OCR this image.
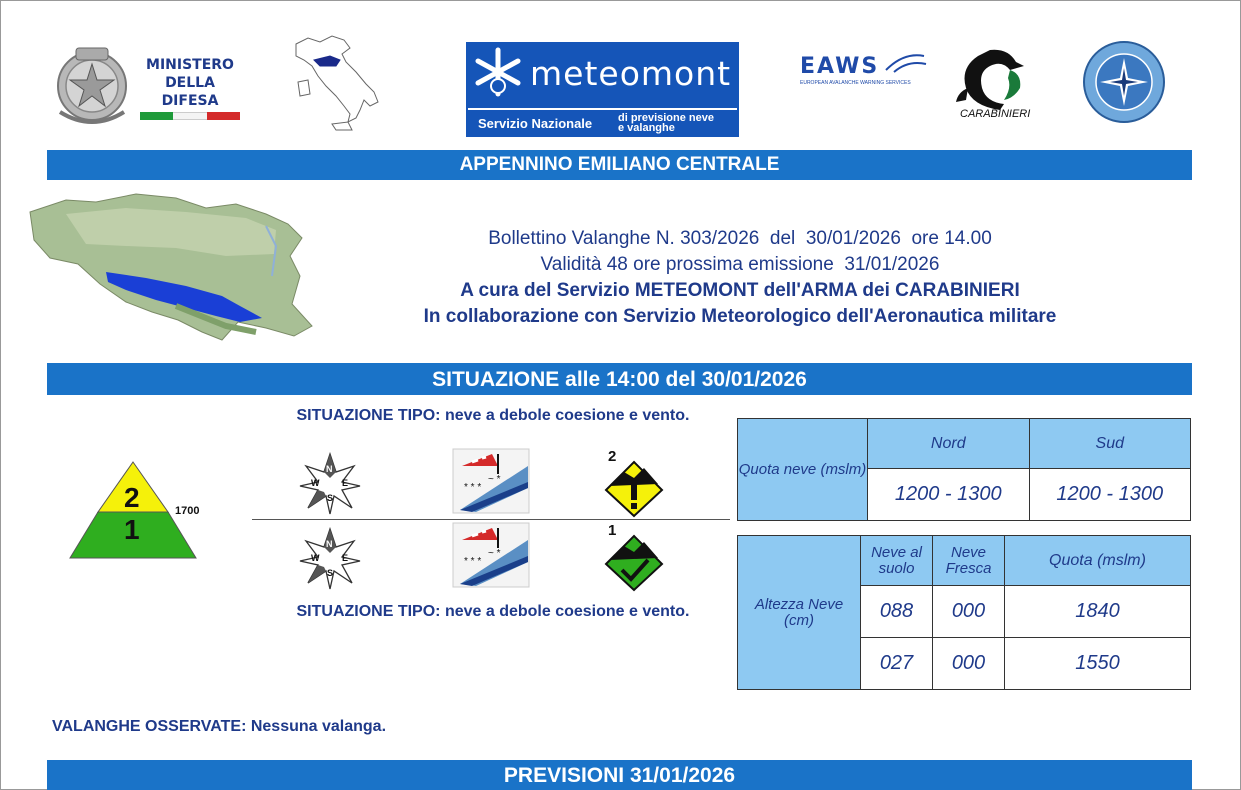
MINISTERO
DELLA DIFESA
meteomont
Servizio Nazionale di previsione neve
e valanghe
EAWS
EUROPEAN AVALANCHE WARNING SERVICES
CARABINIERI
APPENNINO EMILIANO CENTRALE
Bollettino Valanghe N. 303/2026  del  30/01/2026  ore 14.00
Validità 48 ore prossima emissione  31/01/2026
A cura del Servizio METEOMONT dell'ARMA dei CARABINIERI
In collaborazione con Servizio Meteorologico dell'Aeronautica militare
SITUAZIONE alle 14:00 del 30/01/2026
2
1
1700
SITUAZIONE TIPO: neve a debole coesione e vento.
N
E
S
W	* * *
~ *
2
N
E
S
W	* * *
~ *
1
SITUAZIONE TIPO: neve a debole coesione e vento.
Quota neve (mslm)	Nord	Sud
	1200 - 1300	1200 - 1300
Altezza Neve (cm)	Neve al suolo	Neve Fresca	Quota (mslm)
	088	000	1840
	027	000	1550
VALANGHE OSSERVATE: Nessuna valanga.
PREVISIONI 31/01/2026
